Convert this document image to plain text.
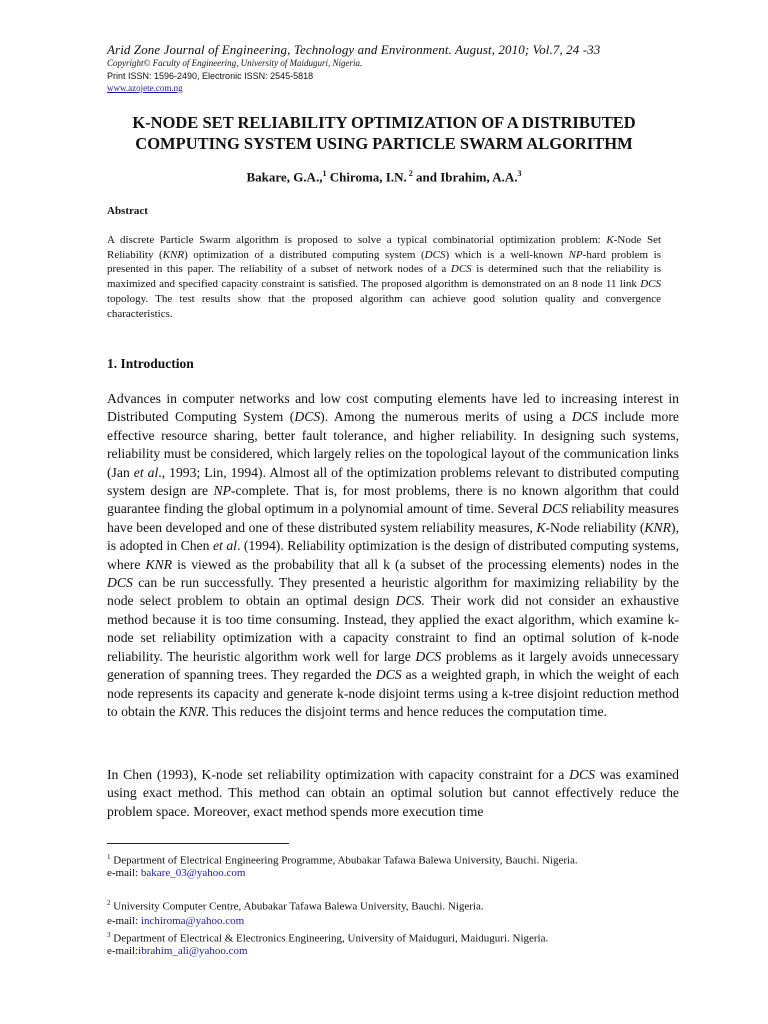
Arid Zone Journal of Engineering, Technology and Environment. August, 2010; Vol.7, 24 -33
Copyright© Faculty of Engineering, University of Maiduguri, Nigeria.
Print ISSN: 1596-2490, Electronic ISSN: 2545-5818
www.azojete.com.ng
K-NODE SET RELIABILITY OPTIMIZATION OF A DISTRIBUTED
COMPUTING SYSTEM USING PARTICLE SWARM ALGORITHM
Bakare, G.A.,$^1$ Chiroma, I.N. $^2$ and Ibrahim, A.A.$^3$
Abstract

A discrete Particle Swarm algorithm is proposed to solve a typical combinatorial optimization problem: K-Node Set Reliability (KNR) optimization of a distributed computing system (DCS) which is a well-known NP-hard problem is presented in this paper. The reliability of a subset of network nodes of a DCS is determined such that the reliability is maximized and specified capacity constraint is satisfied. The proposed algorithm is demonstrated on an 8 node 11 link DCS topology. The test results show that the proposed algorithm can achieve good solution quality and convergence characteristics.

1. Introduction

Advances in computer networks and low cost computing elements have led to increasing interest in Distributed Computing System (DCS). Among the numerous merits of using a DCS include more effective resource sharing, better fault tolerance, and higher reliability. In designing such systems, reliability must be considered, which largely relies on the topological layout of the communication links (Jan et al., 1993; Lin, 1994). Almost all of the optimization problems relevant to distributed computing system design are NP-complete. That is, for most problems, there is no known algorithm that could guarantee finding the global optimum in a polynomial amount of time. Several DCS reliability measures have been developed and one of these distributed system reliability measures, K-Node reliability (KNR), is adopted in Chen et al. (1994). Reliability optimization is the design of distributed computing systems, where KNR is viewed as the probability that all k (a subset of the processing elements) nodes in the DCS can be run successfully. They presented a heuristic algorithm for maximizing reliability by the node select problem to obtain an optimal design DCS. Their work did not consider an exhaustive method because it is too time consuming. Instead, they applied the exact algorithm, which examine k-node set reliability optimization with a capacity constraint to find an optimal solution of k-node reliability. The heuristic algorithm work well for large DCS problems as it largely avoids unnecessary generation of spanning trees. They regarded the DCS as a weighted graph, in which the weight of each node represents its capacity and generate k-node disjoint terms using a k-tree disjoint reduction method to obtain the KNR. This reduces the disjoint terms and hence reduces the computation time.

In Chen (1993), K-node set reliability optimization with capacity constraint for a DCS was examined using exact method. This method can obtain an optimal solution but cannot effectively reduce the problem space. Moreover, exact method spends more execution time

$^1$ Department of Electrical Engineering Programme, Abubakar Tafawa Balewa University, Bauchi. Nigeria.
e-mail: bakare_03@yahoo.com
$^2$ University Computer Centre, Abubakar Tafawa Balewa University, Bauchi. Nigeria.
e-mail: inchiroma@yahoo.com
$^3$ Department of Electrical & Electronics Engineering, University of Maiduguri, Maiduguri. Nigeria.
e-mail:ibrahim_ali@yahoo.com
